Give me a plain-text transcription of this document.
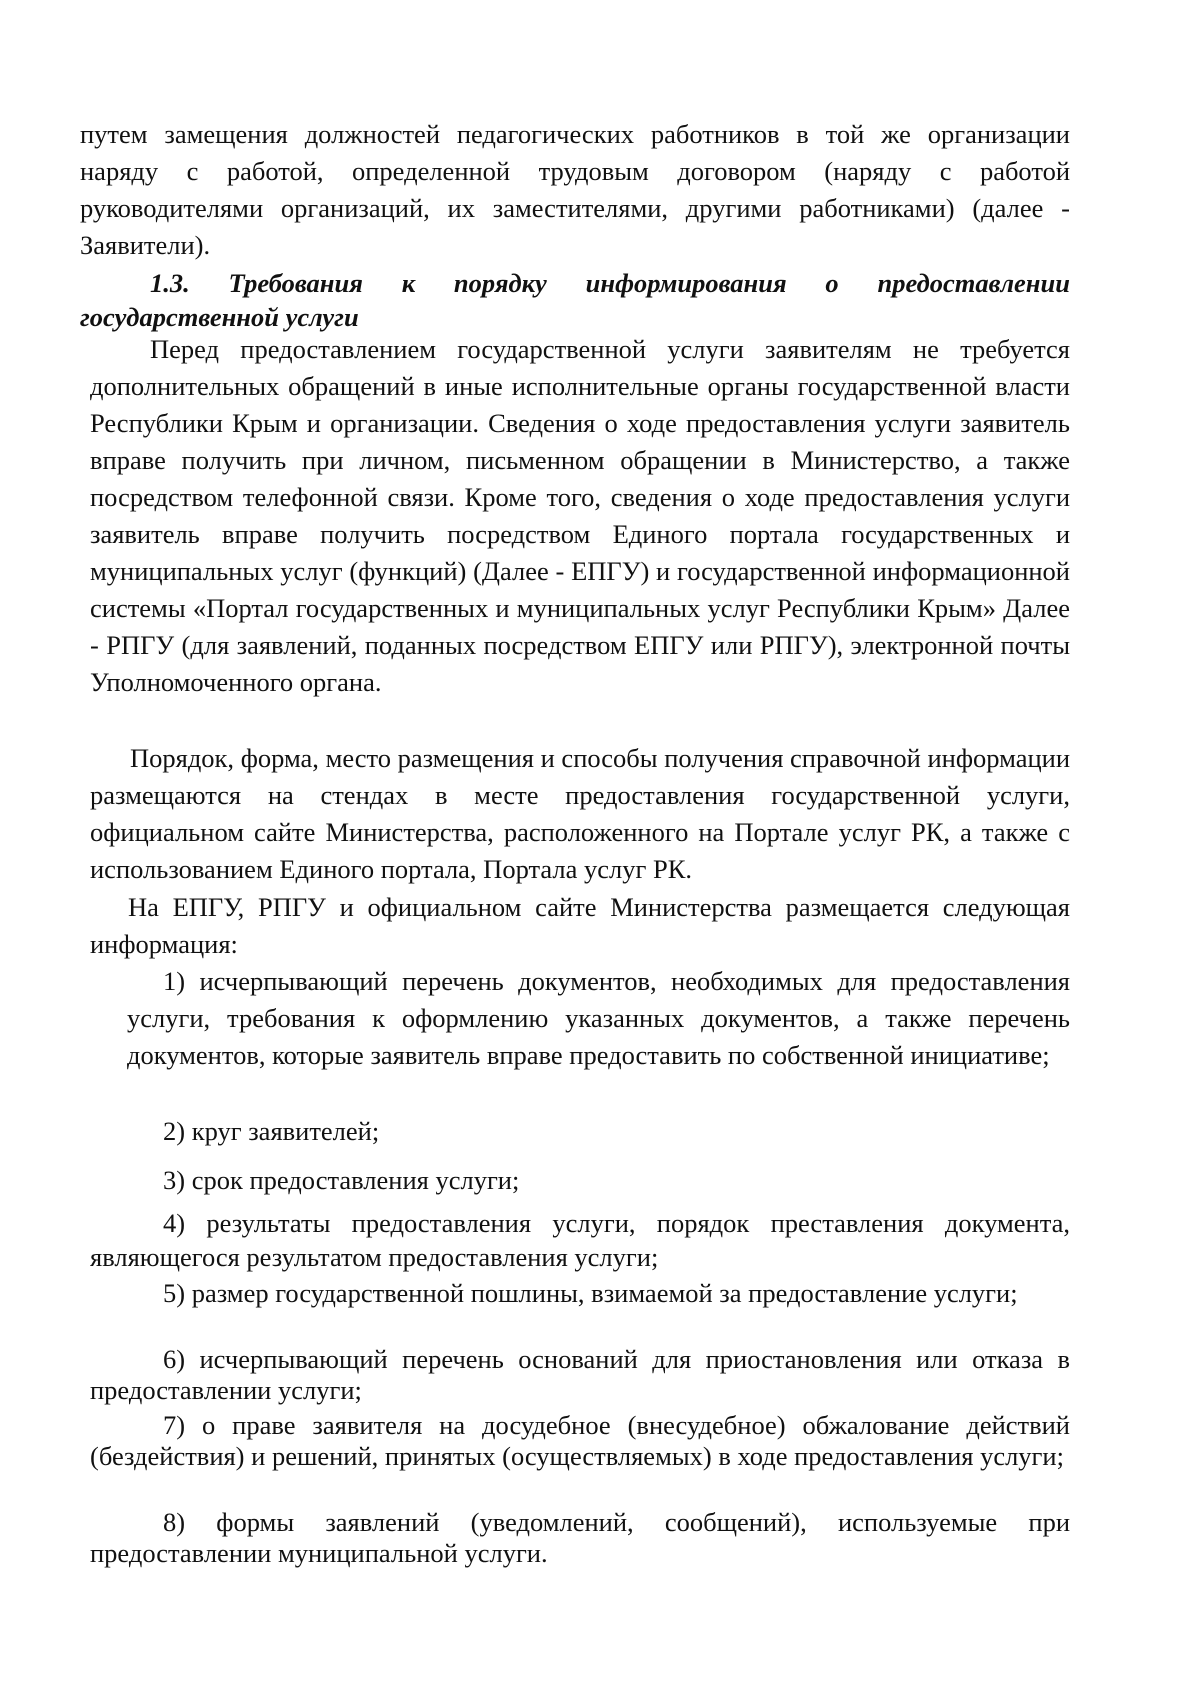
путем замещения должностей педагогических работников в той же организации наряду с работой, определенной трудовым договором (наряду с работой руководителями организаций, их заместителями, другими работниками) (далее - Заявители).

1.3. Требования к порядку информирования о предоставлении государственной услуги

Перед предоставлением государственной услуги заявителям не требуется дополнительных обращений в иные исполнительные органы государственной власти Республики Крым и организации. Сведения о ходе предоставления услуги заявитель вправе получить при личном, письменном обращении в Министерство, а также посредством телефонной связи. Кроме того, сведения о ходе предоставления услуги заявитель вправе получить посредством Единого портала государственных и муниципальных услуг (функций) (Далее - ЕПГУ) и государственной информационной системы «Портал государственных и муниципальных услуг Республики Крым» Далее - РПГУ (для заявлений, поданных посредством ЕПГУ или РПГУ), электронной почты Уполномоченного органа.

Порядок, форма, место размещения и способы получения справочной информации размещаются на стендах в месте предоставления государственной услуги, официальном сайте Министерства, расположенного на Портале услуг РК, а также с использованием Единого портала, Портала услуг РК.

На ЕПГУ, РПГУ и официальном сайте Министерства размещается следующая информация:

1) исчерпывающий перечень документов, необходимых для предоставления услуги, требования к оформлению указанных документов, а также перечень документов, которые заявитель вправе предоставить по собственной инициативе;

2) круг заявителей;

3) срок предоставления услуги;

4) результаты предоставления услуги, порядок преставления документа, являющегося результатом предоставления услуги;

5) размер государственной пошлины, взимаемой за предоставление услуги;

6) исчерпывающий перечень оснований для приостановления или отказа в предоставлении услуги;

7) о праве заявителя на досудебное (внесудебное) обжалование действий (бездействия) и решений, принятых (осуществляемых) в ходе предоставления услуги;

8) формы заявлений (уведомлений, сообщений), используемые при предоставлении муниципальной услуги.
